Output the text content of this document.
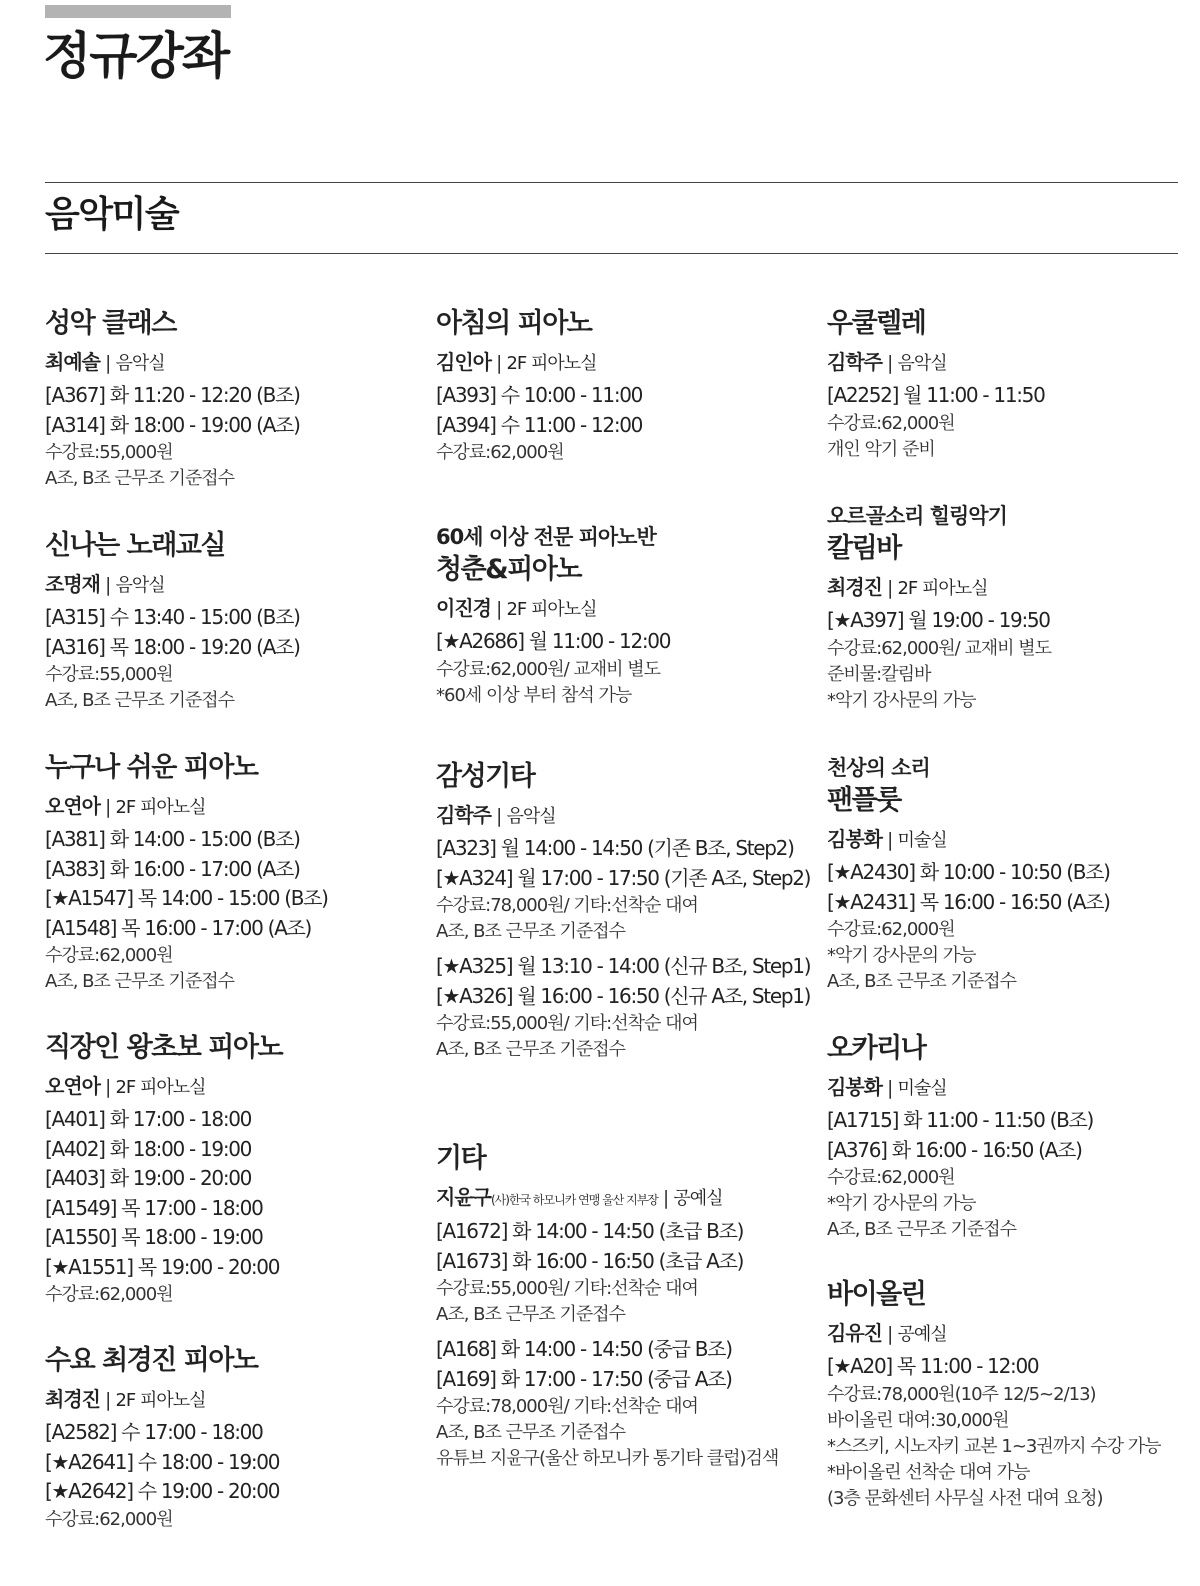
정규강좌
음악미술
성악 클래스
최예솔 | 음악실
[A367] 화 11:20 - 12:20 (B조)
[A314] 화 18:00 - 19:00 (A조)
수강료:55,000원
A조, B조 근무조 기준접수
신나는 노래교실
조명재 | 음악실
[A315] 수 13:40 - 15:00 (B조)
[A316] 목 18:00 - 19:20 (A조)
수강료:55,000원
A조, B조 근무조 기준접수
누구나 쉬운 피아노
오연아 | 2F 피아노실
[A381] 화 14:00 - 15:00 (B조)
[A383] 화 16:00 - 17:00 (A조)
[★A1547] 목 14:00 - 15:00 (B조)
[A1548] 목 16:00 - 17:00 (A조)
수강료:62,000원
A조, B조 근무조 기준접수
직장인 왕초보 피아노
오연아 | 2F 피아노실
[A401] 화 17:00 - 18:00
[A402] 화 18:00 - 19:00
[A403] 화 19:00 - 20:00
[A1549] 목 17:00 - 18:00
[A1550] 목 18:00 - 19:00
[★A1551] 목 19:00 - 20:00
수강료:62,000원
수요 최경진 피아노
최경진 | 2F 피아노실
[A2582] 수 17:00 - 18:00
[★A2641] 수 18:00 - 19:00
[★A2642] 수 19:00 - 20:00
수강료:62,000원
아침의 피아노
김인아 | 2F 피아노실
[A393] 수 10:00 - 11:00
[A394] 수 11:00 - 12:00
수강료:62,000원
60세 이상 전문 피아노반
청춘&피아노
이진경 | 2F 피아노실
[★A2686] 월 11:00 - 12:00
수강료:62,000원/ 교재비 별도
*60세 이상 부터 참석 가능
감성기타
김학주 | 음악실
[A323] 월 14:00 - 14:50 (기존 B조, Step2)
[★A324] 월 17:00 - 17:50 (기존 A조, Step2)
수강료:78,000원/ 기타:선착순 대여
A조, B조 근무조 기준접수
[★A325] 월 13:10 - 14:00 (신규 B조, Step1)
[★A326] 월 16:00 - 16:50 (신규 A조, Step1)
수강료:55,000원/ 기타:선착순 대여
A조, B조 근무조 기준접수
기타
지윤구(사)한국 하모니카 연맹 울산 지부장 | 공예실
[A1672] 화 14:00 - 14:50 (초급 B조)
[A1673] 화 16:00 - 16:50 (초급 A조)
수강료:55,000원/ 기타:선착순 대여
A조, B조 근무조 기준접수
[A168] 화 14:00 - 14:50 (중급 B조)
[A169] 화 17:00 - 17:50 (중급 A조)
수강료:78,000원/ 기타:선착순 대여
A조, B조 근무조 기준접수
유튜브 지윤구(울산 하모니카 통기타 클럽)검색
우쿨렐레
김학주 | 음악실
[A2252] 월 11:00 - 11:50
수강료:62,000원
개인 악기 준비
오르골소리 힐링악기
칼림바
최경진 | 2F 피아노실
[★A397] 월 19:00 - 19:50
수강료:62,000원/ 교재비 별도
준비물:칼림바
*악기 강사문의 가능
천상의 소리
팬플룻
김봉화 | 미술실
[★A2430] 화 10:00 - 10:50 (B조)
[★A2431] 목 16:00 - 16:50 (A조)
수강료:62,000원
*악기 강사문의 가능
A조, B조 근무조 기준접수
오카리나
김봉화 | 미술실
[A1715] 화 11:00 - 11:50 (B조)
[A376] 화 16:00 - 16:50 (A조)
수강료:62,000원
*악기 강사문의 가능
A조, B조 근무조 기준접수
바이올린
김유진 | 공예실
[★A20] 목 11:00 - 12:00
수강료:78,000원(10주 12/5~2/13)
바이올린 대여:30,000원
*스즈키, 시노자키 교본 1~3권까지 수강 가능
*바이올린 선착순 대여 가능
(3층 문화센터 사무실 사전 대여 요청)
